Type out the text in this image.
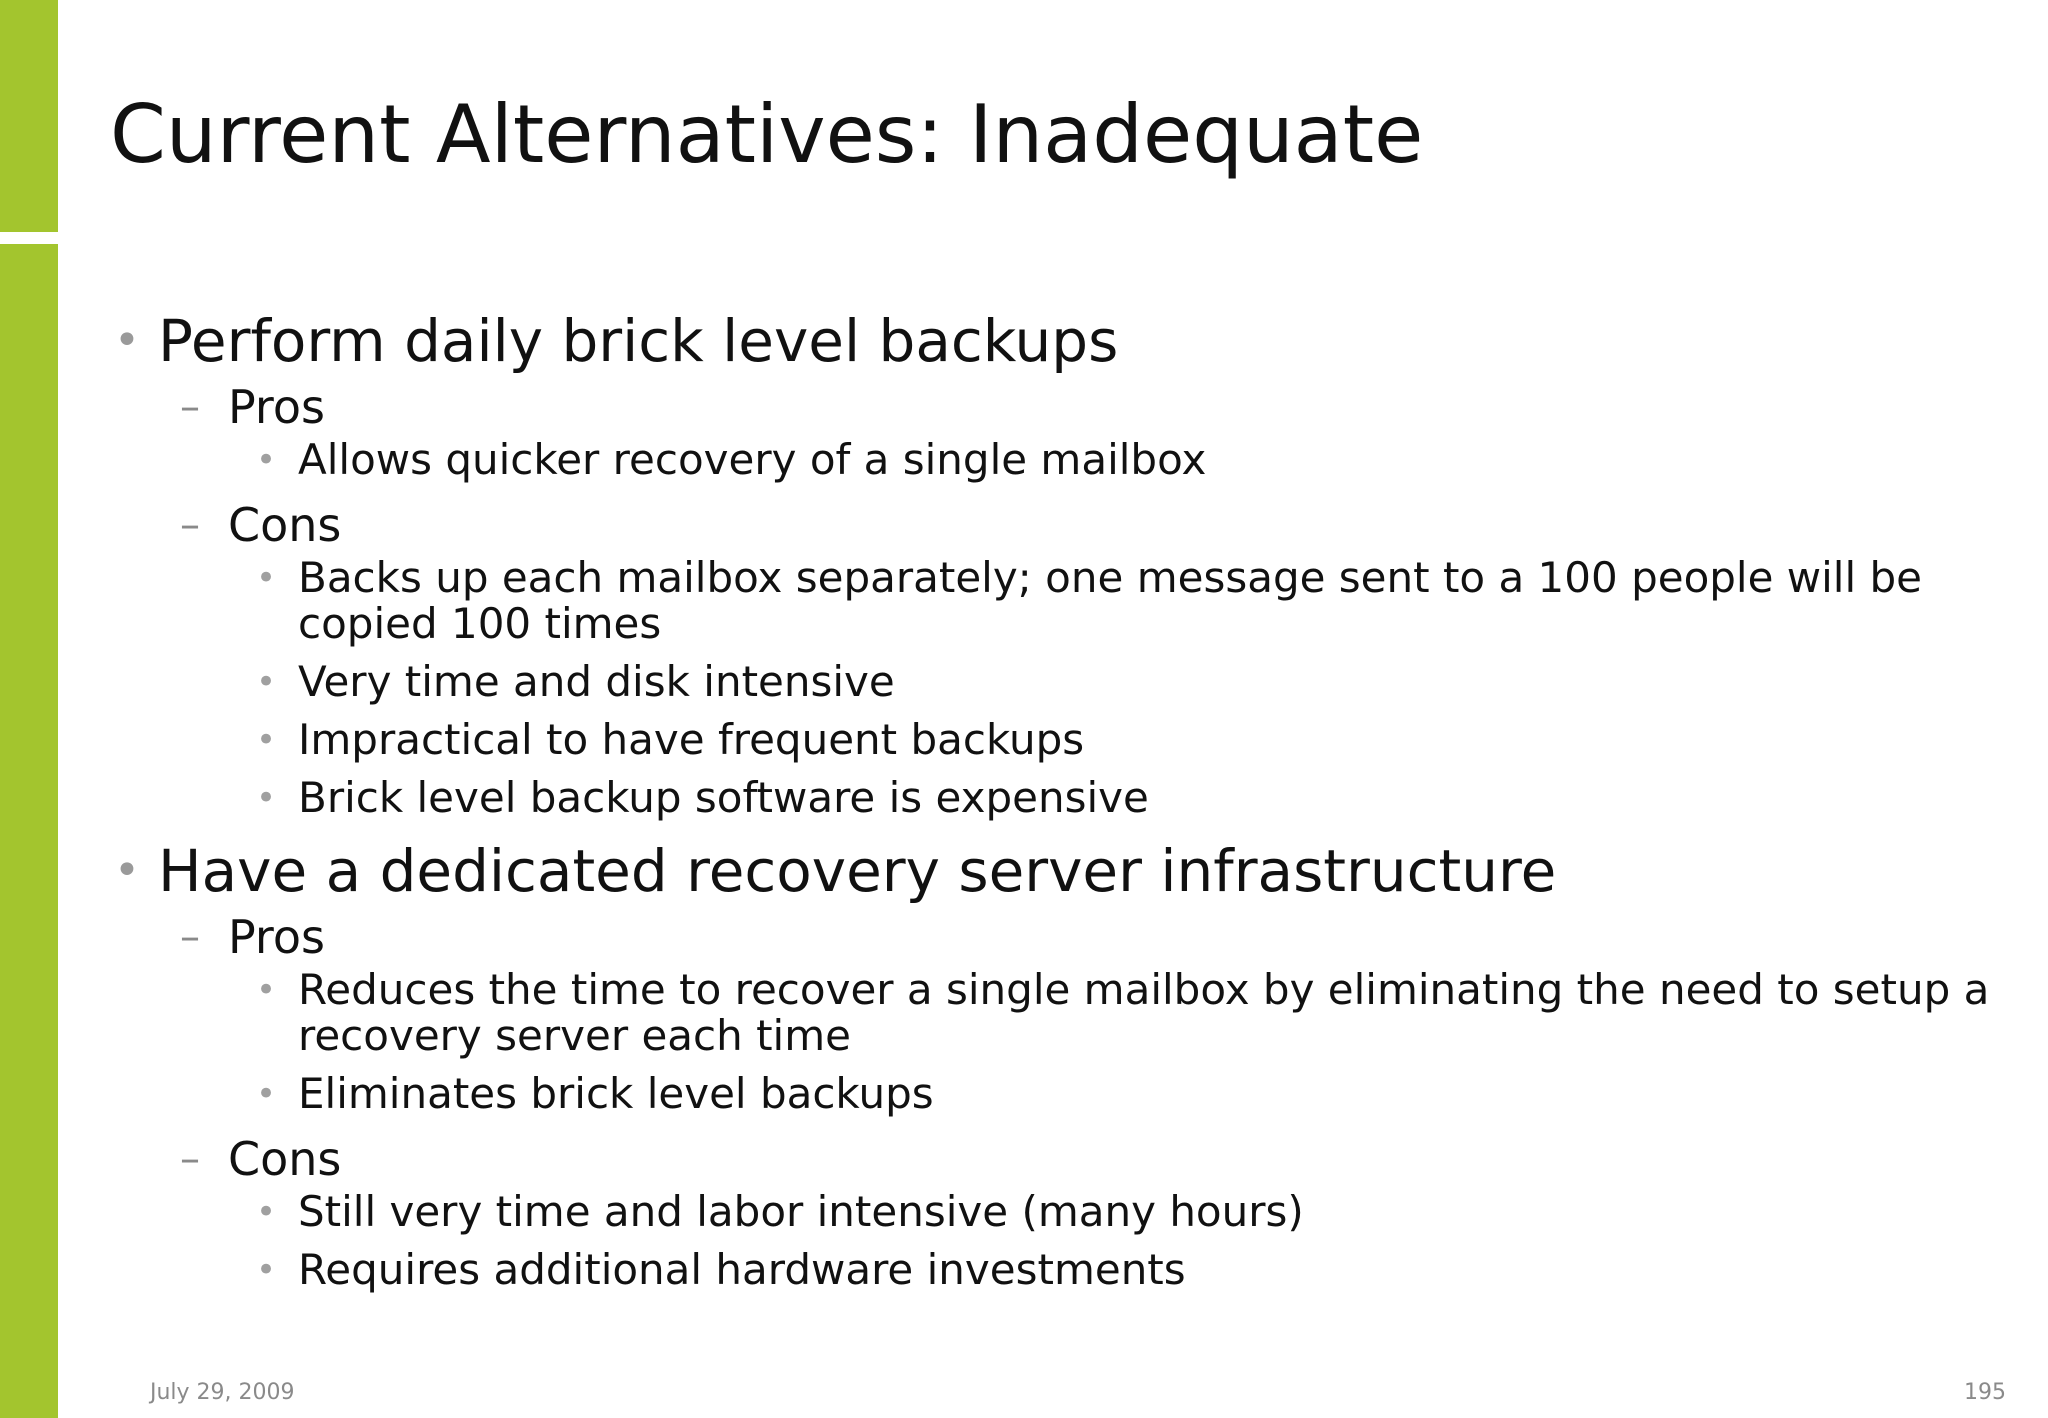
Current Alternatives: Inadequate
• Perform daily brick level backups
– Pros
• Allows quicker recovery of a single mailbox
– Cons
• Backs up each mailbox separately; one message sent to a 100 people will be copied 100 times
• Very time and disk intensive
• Impractical to have frequent backups
• Brick level backup software is expensive
• Have a dedicated recovery server infrastructure
– Pros
• Reduces the time to recover a single mailbox by eliminating the need to setup a recovery server each time
• Eliminates brick level backups
– Cons
• Still very time and labor intensive (many hours)
• Requires additional hardware investments
July 29, 2009	195
